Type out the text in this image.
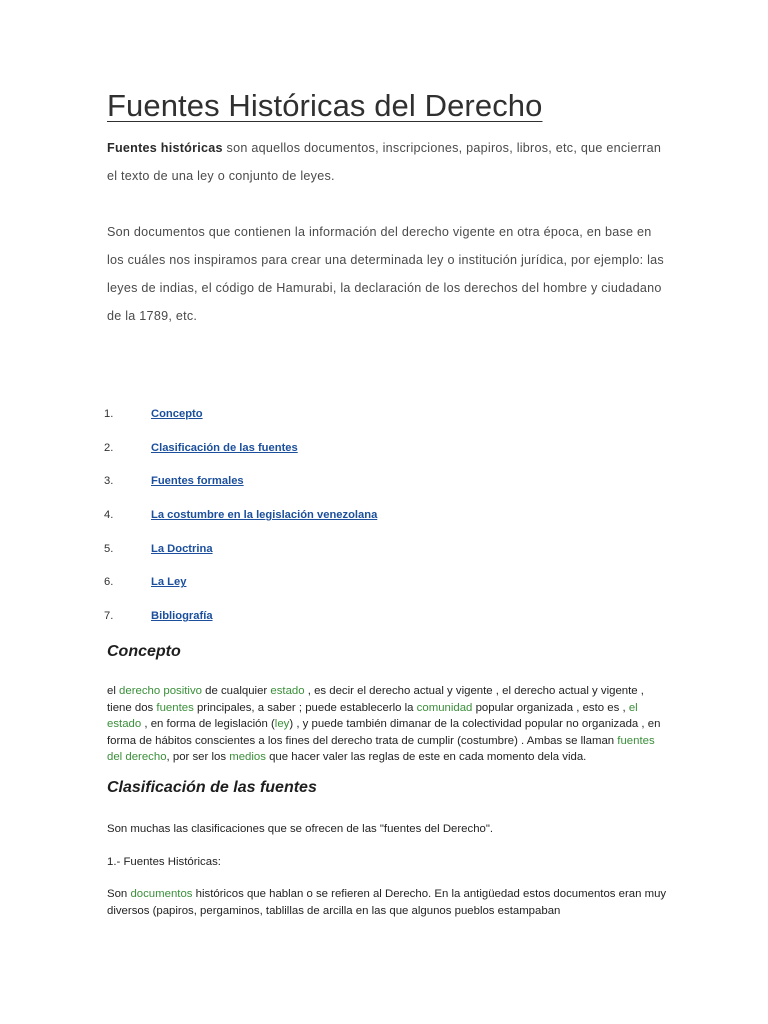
Fuentes Históricas del Derecho

Fuentes históricas son aquellos documentos, inscripciones, papiros, libros, etc, que encierran el texto de una ley o conjunto de leyes.

Son documentos que contienen la información del derecho vigente en otra época, en base en los cuáles nos inspiramos para crear una determinada ley o institución jurídica, por ejemplo: las leyes de indias, el código de Hamurabi, la declaración de los derechos del hombre y ciudadano de la 1789, etc.

1.	Concepto
2.	Clasificación de las fuentes
3.	Fuentes formales
4.	La costumbre en la legislación venezolana
5.	La Doctrina
6.	La Ley
7.	Bibliografía
Concepto

el derecho positivo de cualquier estado , es decir el derecho actual y vigente , el derecho actual y vigente , tiene dos fuentes principales, a saber ; puede establecerlo la comunidad popular organizada , esto es , el estado , en forma de legislación (ley) , y puede también dimanar de la colectividad popular no organizada , en forma de hábitos conscientes a los fines del derecho trata de cumplir (costumbre) . Ambas se llaman fuentes del derecho, por ser los medios que hacer valer las reglas de este en cada momento dela vida.

Clasificación de las fuentes

Son muchas las clasificaciones que se ofrecen de las "fuentes del Derecho".

1.- Fuentes Históricas:

Son documentos históricos que hablan o se refieren al Derecho. En la antigüedad estos documentos eran muy diversos (papiros, pergaminos, tablillas de arcilla en las que algunos pueblos estampaban
